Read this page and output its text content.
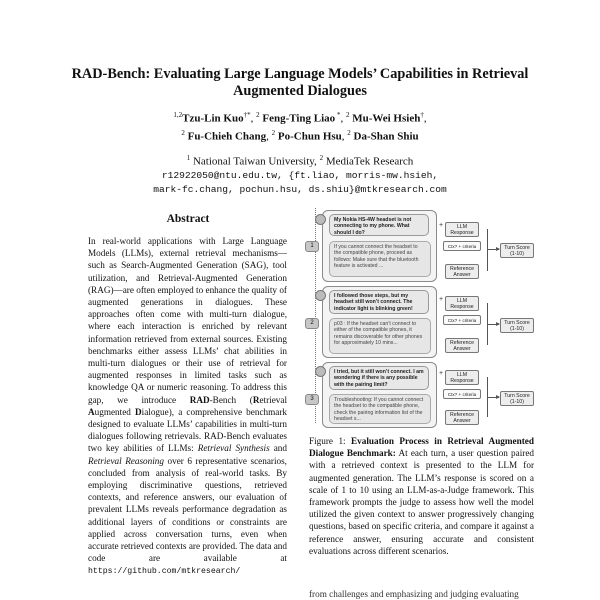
RAD-Bench: Evaluating Large Language Models’ Capabilities in Retrieval
Augmented Dialogues
$^{1,2}$Tzu-Lin Kuo†*, $^2$ Feng-Ting Liao *, $^2$ Mu-Wei Hsieh†,
$^2$ Fu-Chieh Chang, $^2$ Po-Chun Hsu, $^2$ Da-Shan Shiu
$^1$ National Taiwan University, $^2$ MediaTek Research
r12922050@ntu.edu.tw, {ft.liao, morris-mw.hsieh,
mark-fc.chang, pochun.hsu, ds.shiu}@mtkresearch.com
Abstract
In real-world applications with Large Language Models (LLMs), external retrieval mechanisms—such as Search-Augmented Generation (SAG), tool utilization, and Retrieval-Augmented Generation (RAG)—are often employed to enhance the quality of augmented generations in dialogues. These approaches often come with multi-turn dialogue, where each interaction is enriched by relevant information retrieved from external sources. Existing benchmarks either assess LLMs’ chat abilities in multi-turn dialogues or their use of retrieval for augmented responses in limited tasks such as knowledge QA or numeric reasoning. To address this gap, we introduce RAD-Bench (Retrieval Augmented Dialogue), a comprehensive benchmark designed to evaluate LLMs’ capabilities in multi-turn dialogues following retrievals. RAD-Bench evaluates two key abilities of LLMs: Retrieval Synthesis and Retrieval Reasoning over 6 representative scenarios, concluded from analysis of real-world tasks. By employing discriminative questions, retrieved contexts, and reference answers, our evaluation of prevalent LLMs reveals performance degradation as additional layers of conditions or constraints are applied across conversation turns, even when accurate retrieved contexts are provided. The data and code are available at https://github.com/mtkresearch/
My Nokia HS-4W headset is not connecting to my phone. What should I do?
1	If you cannot connect the headset to the compatible phone, proceed as follows: Make sure that the bluetooth feature is activated ...
I followed those steps, but my headset still won’t connect. The indicator light is blinking green!
2	p03 : If the headset can’t connect to either of the compatible phones, it remains discoverable for other phones for approximately 10 mins...
I tried, but it still won’t connect. I am wondering if there is any possible with the pairing limit?
3	Troubleshooting: If you cannot connect the headset to the compatible phone, check the pairing information list of the headset s...
+	LLM Response
Ctx? + criteria
Reference Answer
Turn Score (1-10)
+	LLM Response
Ctx? + criteria
Reference Answer
Turn Score (1-10)
+	LLM Response
Ctx? + criteria
Reference Answer
Turn Score (1-10)
Figure 1: Evaluation Process in Retrieval Augmented Dialogue Benchmark: At each turn, a user question paired with a retrieved context is presented to the LLM for augmented generation. The LLM’s response is scored on a scale of 1 to 10 using an LLM-as-a-Judge framework. This framework prompts the judge to assess how well the model utilized the given context to answer progressively changing questions, based on specific criteria, and compare it against a reference answer, ensuring accurate and consistent evaluations across different scenarios.
from challenges and emphasizing and judging evaluating
